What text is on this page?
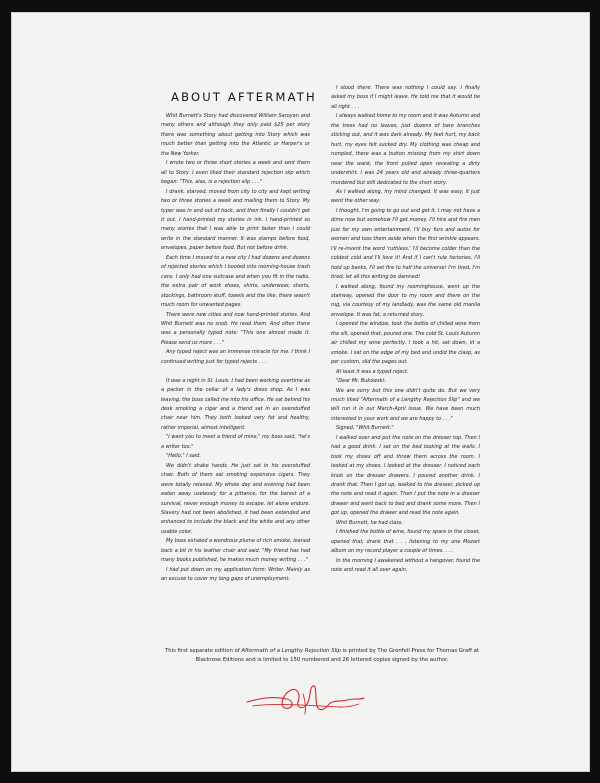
ABOUT AFTERMATH

Whit Burnett's Story had discovered William Saroyan and many others and although they only paid $25 per story there was something about getting into Story which was much better than getting into the Atlantic or Harper's or the New Yorker.

I wrote two or three short stories a week and sent them all to Story. I even liked their standard rejection slip which began: "This, alas, is a rejection slip . . ."

I drank, starved, moved from city to city and kept writing two or three stories a week and mailing them to Story. My typer was in and out of hock, and then finally I couldn't get it out. I hand-printed my stories in ink. I hand-printed so many stories that I was able to print faster than I could write in the standard manner. It was stamps before food, envelopes, paper before food. But not before drink.

Each time I moved to a new city I had dozens and dozens of rejected stories which I booted into rooming-house trash cans. I only had one suitcase and when you fit in the radio, the extra pair of work shoes, shirts, underwear, shorts, stockings, bathroom stuff, towels and the like, there wasn't much room for unwanted pages.

There were new cities and now hand-printed stories. And Whit Burnett was no snob. He read them. And often there was a personally typed note: "This one almost made it. Please send us more . . ."

Any typed reject was an immense miracle for me. I think I continued writing just for typed rejects . . .

It was a night in St. Louis. I had been working overtime as a packer in the cellar of a lady's dress shop. As I was leaving, the boss called me into his office. He sat behind his desk smoking a cigar and a friend sat in an overstuffed chair near him. They both looked very fat and healthy, rather imperial, almost intelligent.

"I want you to meet a friend of mine," my boss said, "he's a writer too."

"Hello," I said.

We didn't shake hands. He just sat in his overstuffed chair. Both of them sat smoking expensive cigars. They were totally relaxed. My whole day and evening had been eaten away uselessly for a pittance, for the barest of a survival, never enough money to escape, let alone endure. Slavery had not been abolished, it had been extended and enhanced to include the black and the white and any other usable color.

My boss exhaled a wondrous plume of rich smoke, leaned back a bit in his leather chair and said, "My friend has had many books published, he makes much money writing . . ."

I had put down on my application form: Writer. Mainly as an excuse to cover my long gaps of unemployment.

I stood there. There was nothing I could say. I finally asked my boss if I might leave. He told me that it would be all right . . .

I always walked home to my room and it was Autumn and the trees had no leaves, just dozens of bare branches sticking out, and it was dark already. My feet hurt, my back hurt, my eyes felt sucked dry. My clothing was cheap and rumpled, there was a button missing from my shirt down near the waist, the front pulled open revealing a dirty undershirt. I was 24 years old and already three-quarters murdered but still dedicated to the short story.

As I walked along, my mind changed. It was easy, it just went the other way:

I thought, I'm going to go out and get it. I may not have a dime now but somehow I'll get money. I'll hire and fire men just for my own entertainment. I'll buy furs and autos for women and toss them aside when the first wrinkle appears. I'll re-invent the word 'ruthless.' I'll become colder than the coldest cold and I'll love it! And if I can't rule factories, I'll hold up banks, I'll set fire to half the universe! I'm tired, I'm tired, let all this writing be damned!

I walked along, found my roominghouse, went up the stairway, opened the door to my room and there on the rug, via courtesy of my landlady, was the same old manila envelope. It was fat, a returned story.

I opened the window, took the bottle of chilled wine from the sill, opened that, poured one. The cold St. Louis Autumn air chilled my wine perfectly. I took a hit, sat down, lit a smoke. I sat on the edge of my bed and undid the clasp, as per custom, slid the pages out.

At least it was a typed reject.

"Dear Mr. Bukowski:

We are sorry but this one didn't quite do. But we very much liked "Aftermath of a Lengthy Rejection Slip" and we will run it in our March-April issue. We have been much interested in your work and we are happy to . . ."

Signed, "Whit Burnett."

I walked over and put the note on the dresser top. Then I had a good drink. I sat on the bed looking at the walls. I took my shoes off and threw them across the room. I looked at my shoes. I looked at the dresser. I noticed each knob on the dresser drawers. I poured another drink. I drank that. Then I got up, walked to the dresser, picked up the note and read it again. Then I put the note in a dresser drawer and went back to bed and drank some more. Then I got up, opened the drawer and read the note again.

Whit Burnett, he had class.

I finished the bottle of wine, found my spare in the closet, opened that, drank that . . . listening to my one Mozart album on my record player a couple of times. . . .

In the morning I awakened without a hangover, found the note and read it all over again.

This first separate edition of Aftermath of a Lengthy Rejection Slip is printed by The Grenfell Press for Thomas Graff at Blackrose Editions and is limited to 150 numbered and 26 lettered copies signed by the author.
